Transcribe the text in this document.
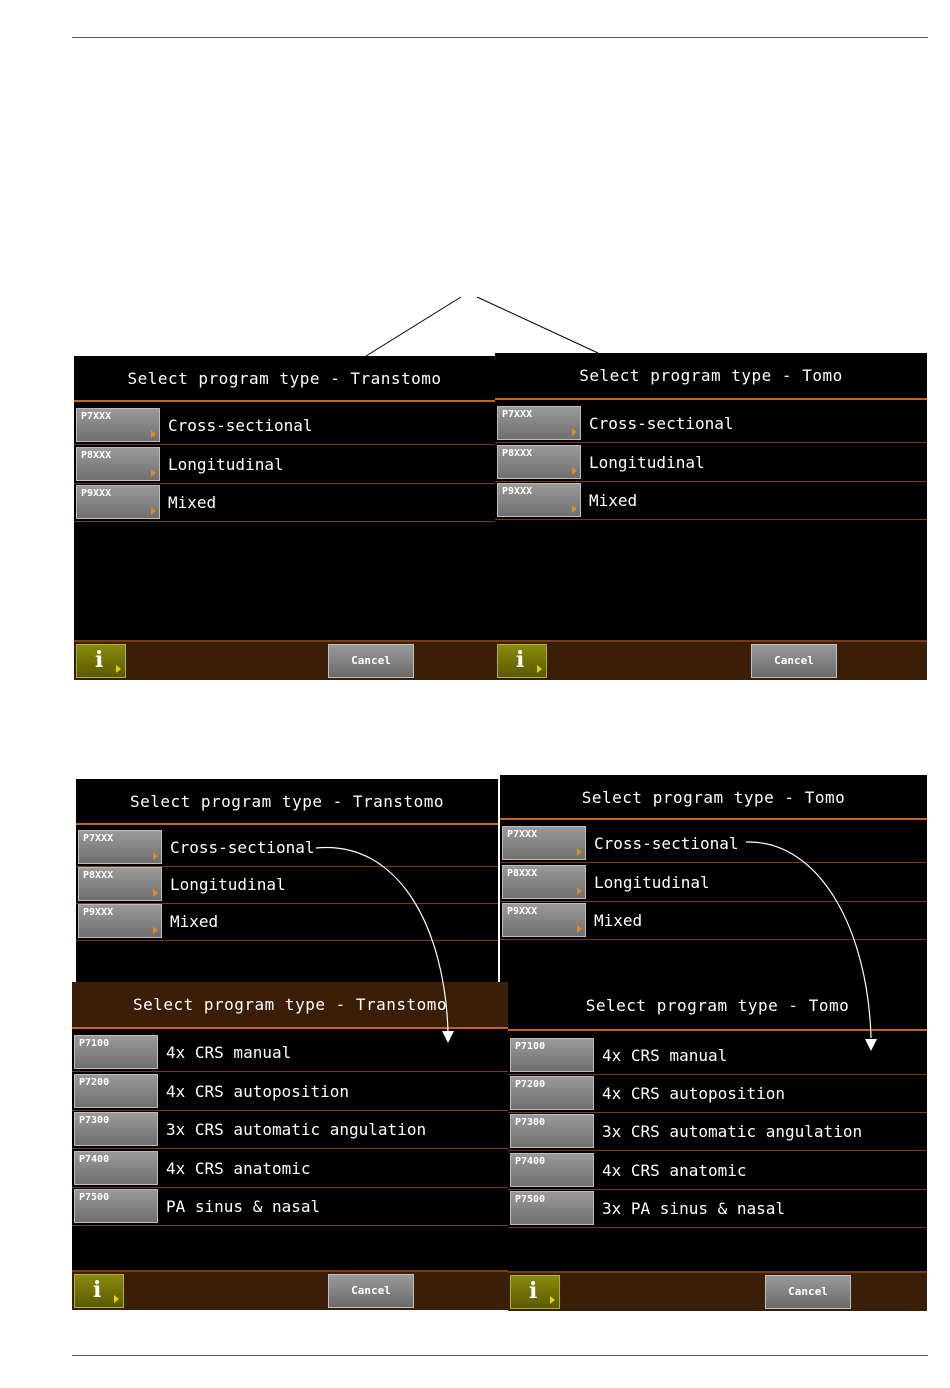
Select program type - Transtomo
P7XXX	Cross-sectional
P8XXX	Longitudinal
P9XXX	Mixed
i	Cancel
Select program type - Tomo
P7XXX	Cross-sectional
P8XXX	Longitudinal
P9XXX	Mixed
i	Cancel
Select program type - Transtomo
P7XXX	Cross-sectional
P8XXX	Longitudinal
P9XXX	Mixed
Select program type - Tomo
P7XXX	Cross-sectional
P8XXX	Longitudinal
P9XXX	Mixed
Select program type - Transtomo
P7100	4x CRS manual
P7200	4x CRS autoposition
P7300	3x CRS automatic angulation
P7400	4x CRS anatomic
P7500	PA sinus & nasal
i	Cancel
Select program type - Tomo
P7100	4x CRS manual
P7200	4x CRS autoposition
P7300	3x CRS automatic angulation
P7400	4x CRS anatomic
P7500	3x PA sinus & nasal
i	Cancel
